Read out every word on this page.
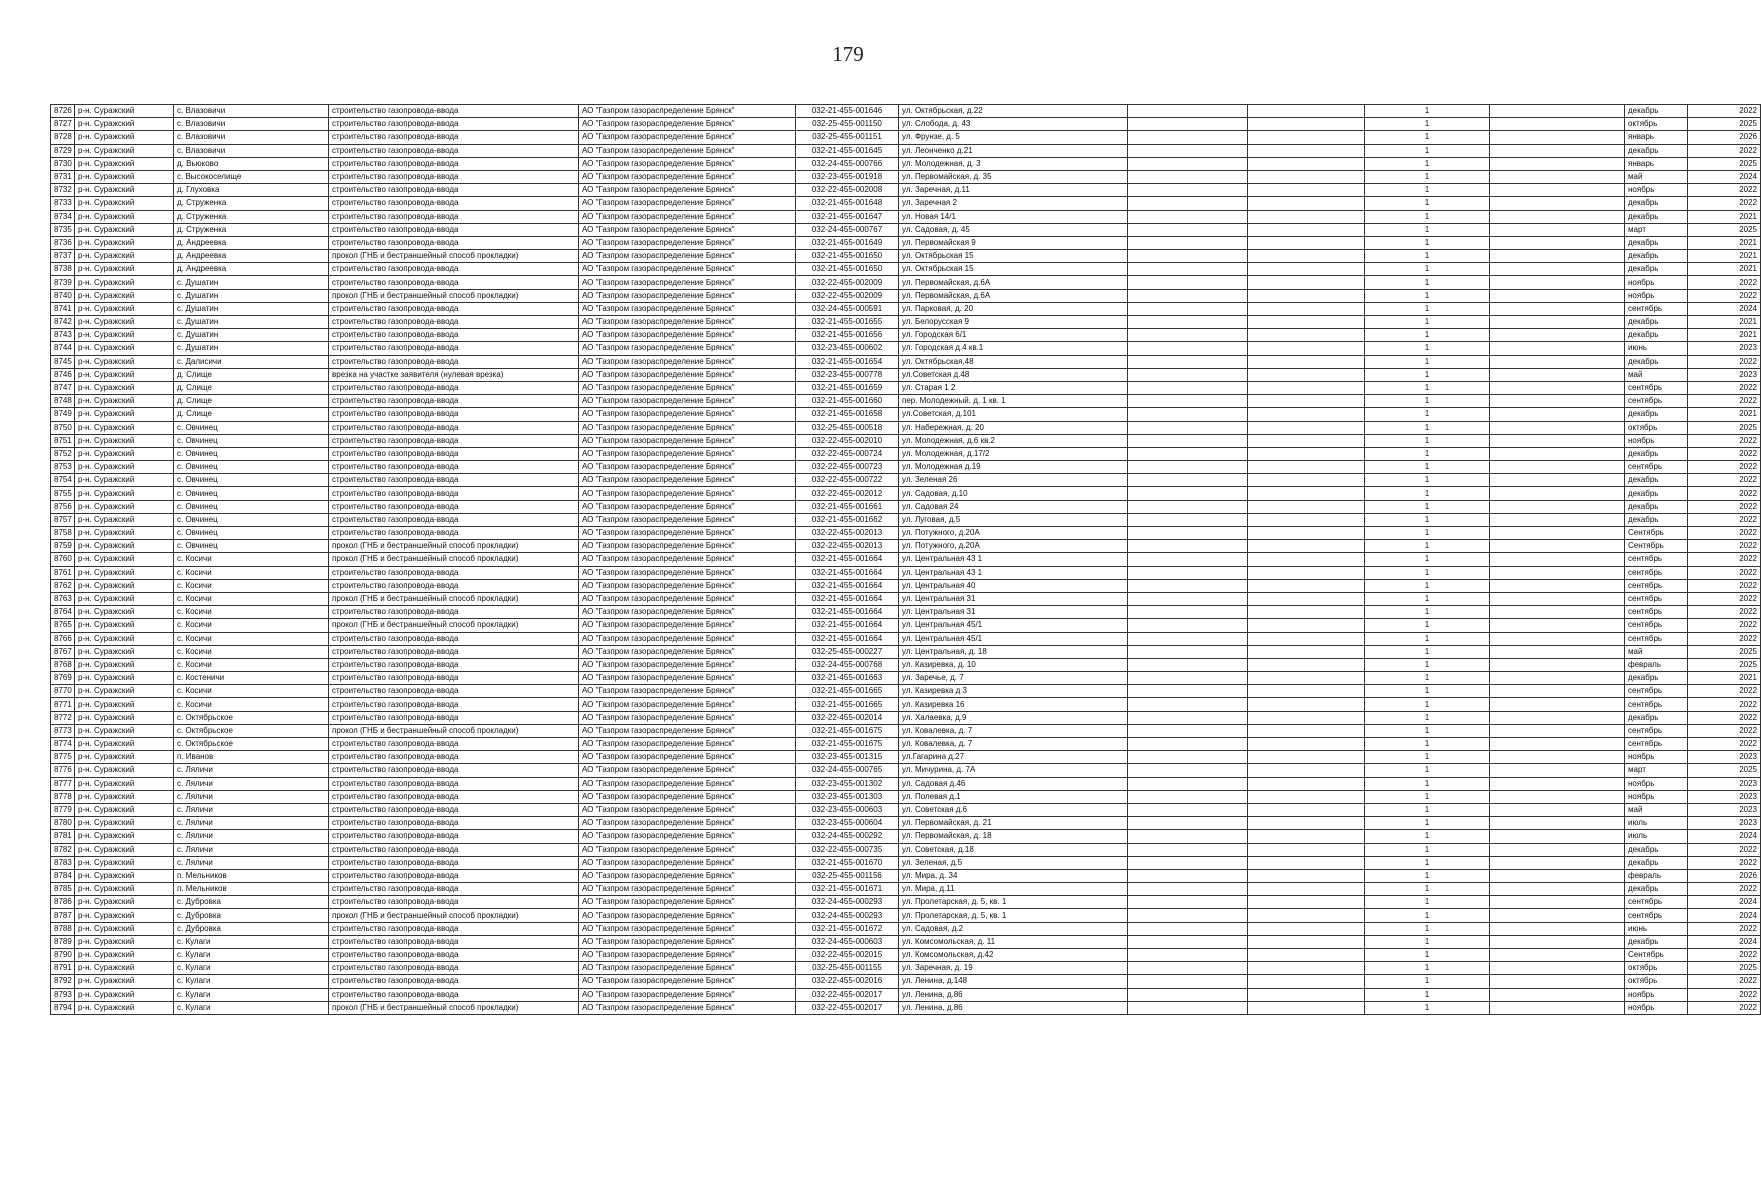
179
8726	р-н. Суражский	с. Влазовичи	строительство газопровода-ввода	АО "Газпром газораспределение Брянск"	032-21-455-001646	ул. Октябрьская, д.22			1		декабрь	2022
8727	р-н. Суражский	с. Влазовичи	строительство газопровода-ввода	АО "Газпром газораспределение Брянск"	032-25-455-001150	ул. Слобода, д. 43			1		октябрь	2025
8728	р-н. Суражский	с. Влазовичи	строительство газопровода-ввода	АО "Газпром газораспределение Брянск"	032-25-455-001151	ул. Фрунзе, д. 5			1		январь	2026
8729	р-н. Суражский	с. Влазовичи	строительство газопровода-ввода	АО "Газпром газораспределение Брянск"	032-21-455-001645	ул. Леонченко д.21			1		декабрь	2022
8730	р-н. Суражский	д. Вьюково	строительство газопровода-ввода	АО "Газпром газораспределение Брянск"	032-24-455-000766	ул. Молодежная, д. 3			1		январь	2025
8731	р-н. Суражский	с. Высокоселище	строительство газопровода-ввода	АО "Газпром газораспределение Брянск"	032-23-455-001918	ул. Первомайская, д. 35			1		май	2024
8732	р-н. Суражский	д. Глуховка	строительство газопровода-ввода	АО "Газпром газораспределение Брянск"	032-22-455-002008	ул. Заречная, д.11			1		ноябрь	2022
8733	р-н. Суражский	д. Струженка	строительство газопровода-ввода	АО "Газпром газораспределение Брянск"	032-21-455-001648	ул. Заречная 2			1		декабрь	2022
8734	р-н. Суражский	д. Струженка	строительство газопровода-ввода	АО "Газпром газораспределение Брянск"	032-21-455-001647	ул. Новая 14/1			1		декабрь	2021
8735	р-н. Суражский	д. Струженка	строительство газопровода-ввода	АО "Газпром газораспределение Брянск"	032-24-455-000767	ул. Садовая, д. 45			1		март	2025
8736	р-н. Суражский	д. Андреевка	строительство газопровода-ввода	АО "Газпром газораспределение Брянск"	032-21-455-001649	ул. Первомайская 9			1		декабрь	2021
8737	р-н. Суражский	д. Андреевка	прокол (ГНБ и бестраншейный способ прокладки)	АО "Газпром газораспределение Брянск"	032-21-455-001650	ул. Октябрьская 15			1		декабрь	2021
8738	р-н. Суражский	д. Андреевка	строительство газопровода-ввода	АО "Газпром газораспределение Брянск"	032-21-455-001650	ул. Октябрьская 15			1		декабрь	2021
8739	р-н. Суражский	с. Душатин	строительство газопровода-ввода	АО "Газпром газораспределение Брянск"	032-22-455-002009	ул. Первомайская, д.6А			1		ноябрь	2022
8740	р-н. Суражский	с. Душатин	прокол (ГНБ и бестраншейный способ прокладки)	АО "Газпром газораспределение Брянск"	032-22-455-002009	ул. Первомайская, д.6А			1		ноябрь	2022
8741	р-н. Суражский	с. Душатин	строительство газопровода-ввода	АО "Газпром газораспределение Брянск"	032-24-455-000591	ул. Парковая, д. 20			1		сентябрь	2024
8742	р-н. Суражский	с. Душатин	строительство газопровода-ввода	АО "Газпром газораспределение Брянск"	032-21-455-001655	ул. Белорусская 9			1		декабрь	2021
8743	р-н. Суражский	с. Душатин	строительство газопровода-ввода	АО "Газпром газораспределение Брянск"	032-21-455-001656	ул. Городская 6/1			1		декабрь	2021
8744	р-н. Суражский	с. Душатин	строительство газопровода-ввода	АО "Газпром газораспределение Брянск"	032-23-455-000602	ул. Городская д.4 кв.1			1		июнь	2023
8745	р-н. Суражский	с. Далисичи	строительство газопровода-ввода	АО "Газпром газораспределение Брянск"	032-21-455-001654	ул. Октябрьская,48			1		декабрь	2022
8746	р-н. Суражский	д. Слище	врезка на участке заявителя (нулевая врезка)	АО "Газпром газораспределение Брянск"	032-23-455-000778	ул.Советская д.48			1		май	2023
8747	р-н. Суражский	д. Слище	строительство газопровода-ввода	АО "Газпром газораспределение Брянск"	032-21-455-001659	ул. Старая 1 2			1		сентябрь	2022
8748	р-н. Суражский	д. Слище	строительство газопровода-ввода	АО "Газпром газораспределение Брянск"	032-21-455-001660	пер. Молодежный, д. 1 кв. 1			1		сентябрь	2022
8749	р-н. Суражский	д. Слище	строительство газопровода-ввода	АО "Газпром газораспределение Брянск"	032-21-455-001658	ул.Советская, д.101			1		декабрь	2021
8750	р-н. Суражский	с. Овчинец	строительство газопровода-ввода	АО "Газпром газораспределение Брянск"	032-25-455-000518	ул. Набережная, д. 20			1		октябрь	2025
8751	р-н. Суражский	с. Овчинец	строительство газопровода-ввода	АО "Газпром газораспределение Брянск"	032-22-455-002010	ул. Молодежная, д.6 кв.2			1		ноябрь	2022
8752	р-н. Суражский	с. Овчинец	строительство газопровода-ввода	АО "Газпром газораспределение Брянск"	032-22-455-000724	ул. Молодежная, д.17/2			1		декабрь	2022
8753	р-н. Суражский	с. Овчинец	строительство газопровода-ввода	АО "Газпром газораспределение Брянск"	032-22-455-000723	ул. Молодежная д.19			1		сентябрь	2022
8754	р-н. Суражский	с. Овчинец	строительство газопровода-ввода	АО "Газпром газораспределение Брянск"	032-22-455-000722	ул. Зеленая 26			1		декабрь	2022
8755	р-н. Суражский	с. Овчинец	строительство газопровода-ввода	АО "Газпром газораспределение Брянск"	032-22-455-002012	ул. Садовая, д.10			1		декабрь	2022
8756	р-н. Суражский	с. Овчинец	строительство газопровода-ввода	АО "Газпром газораспределение Брянск"	032-21-455-001661	ул. Садовая 24			1		декабрь	2022
8757	р-н. Суражский	с. Овчинец	строительство газопровода-ввода	АО "Газпром газораспределение Брянск"	032-21-455-001662	ул. Луговая, д.5			1		декабрь	2022
8758	р-н. Суражский	с. Овчинец	строительство газопровода-ввода	АО "Газпром газораспределение Брянск"	032-22-455-002013	ул. Потужного, д.20А			1		Сентябрь	2022
8759	р-н. Суражский	с. Овчинец	прокол (ГНБ и бестраншейный способ прокладки)	АО "Газпром газораспределение Брянск"	032-22-455-002013	ул. Потужного, д.20А			1		Сентябрь	2022
8760	р-н. Суражский	с. Косичи	прокол (ГНБ и бестраншейный способ прокладки)	АО "Газпром газораспределение Брянск"	032-21-455-001664	ул. Центральная 43 1			1		сентябрь	2022
8761	р-н. Суражский	с. Косичи	строительство газопровода-ввода	АО "Газпром газораспределение Брянск"	032-21-455-001664	ул. Центральная 43 1			1		сентябрь	2022
8762	р-н. Суражский	с. Косичи	строительство газопровода-ввода	АО "Газпром газораспределение Брянск"	032-21-455-001664	ул. Центральная 40			1		сентябрь	2022
8763	р-н. Суражский	с. Косичи	прокол (ГНБ и бестраншейный способ прокладки)	АО "Газпром газораспределение Брянск"	032-21-455-001664	ул. Центральная 31			1		сентябрь	2022
8764	р-н. Суражский	с. Косичи	строительство газопровода-ввода	АО "Газпром газораспределение Брянск"	032-21-455-001664	ул. Центральная 31			1		сентябрь	2022
8765	р-н. Суражский	с. Косичи	прокол (ГНБ и бестраншейный способ прокладки)	АО "Газпром газораспределение Брянск"	032-21-455-001664	ул. Центральная 45/1			1		сентябрь	2022
8766	р-н. Суражский	с. Косичи	строительство газопровода-ввода	АО "Газпром газораспределение Брянск"	032-21-455-001664	ул. Центральная 45/1			1		сентябрь	2022
8767	р-н. Суражский	с. Косичи	строительство газопровода-ввода	АО "Газпром газораспределение Брянск"	032-25-455-000227	ул. Центральная, д. 18			1		май	2025
8768	р-н. Суражский	с. Косичи	строительство газопровода-ввода	АО "Газпром газораспределение Брянск"	032-24-455-000768	ул. Казиревка, д. 10			1		февраль	2025
8769	р-н. Суражский	с. Костеничи	строительство газопровода-ввода	АО "Газпром газораспределение Брянск"	032-21-455-001663	ул. Заречье, д. 7			1		декабрь	2021
8770	р-н. Суражский	с. Косичи	строительство газопровода-ввода	АО "Газпром газораспределение Брянск"	032-21-455-001665	ул. Казиревка д 3			1		сентябрь	2022
8771	р-н. Суражский	с. Косичи	строительство газопровода-ввода	АО "Газпром газораспределение Брянск"	032-21-455-001665	ул. Казиревка 16			1		сентябрь	2022
8772	р-н. Суражский	с. Октябрьское	строительство газопровода-ввода	АО "Газпром газораспределение Брянск"	032-22-455-002014	ул. Халаевка, д.9			1		декабрь	2022
8773	р-н. Суражский	с. Октябрьское	прокол (ГНБ и бестраншейный способ прокладки)	АО "Газпром газораспределение Брянск"	032-21-455-001675	ул. Ковалевка, д. 7			1		сентябрь	2022
8774	р-н. Суражский	с. Октябрьское	строительство газопровода-ввода	АО "Газпром газораспределение Брянск"	032-21-455-001675	ул. Ковалевка, д. 7			1		сентябрь	2022
8775	р-н. Суражский	п. Иванов	строительство газопровода-ввода	АО "Газпром газораспределение Брянск"	032-23-455-001315	ул.Гагарина д.27			1		ноябрь	2023
8776	р-н. Суражский	с. Ляличи	строительство газопровода-ввода	АО "Газпром газораспределение Брянск"	032-24-455-000765	ул. Мичурина, д. 7А			1		март	2025
8777	р-н. Суражский	с. Ляличи	строительство газопровода-ввода	АО "Газпром газораспределение Брянск"	032-23-455-001302	ул. Садовая д.46			1		ноябрь	2023
8778	р-н. Суражский	с. Ляличи	строительство газопровода-ввода	АО "Газпром газораспределение Брянск"	032-23-455-001303	ул. Полевая д.1			1		ноябрь	2023
8779	р-н. Суражский	с. Ляличи	строительство газопровода-ввода	АО "Газпром газораспределение Брянск"	032-23-455-000603	ул. Советская д.6			1		май	2023
8780	р-н. Суражский	с. Ляличи	строительство газопровода-ввода	АО "Газпром газораспределение Брянск"	032-23-455-000604	ул. Первомайская, д. 21			1		июль	2023
8781	р-н. Суражский	с. Ляличи	строительство газопровода-ввода	АО "Газпром газораспределение Брянск"	032-24-455-000292	ул. Первомайская, д. 18			1		июль	2024
8782	р-н. Суражский	с. Ляличи	строительство газопровода-ввода	АО "Газпром газораспределение Брянск"	032-22-455-000735	ул. Советская, д.18			1		декабрь	2022
8783	р-н. Суражский	с. Ляличи	строительство газопровода-ввода	АО "Газпром газораспределение Брянск"	032-21-455-001670	ул. Зеленая, д.5			1		декабрь	2022
8784	р-н. Суражский	п. Мельников	строительство газопровода-ввода	АО "Газпром газораспределение Брянск"	032-25-455-001156	ул. Мира, д. 34			1		февраль	2026
8785	р-н. Суражский	п. Мельников	строительство газопровода-ввода	АО "Газпром газораспределение Брянск"	032-21-455-001671	ул. Мира, д.11			1		декабрь	2022
8786	р-н. Суражский	с. Дубровка	строительство газопровода-ввода	АО "Газпром газораспределение Брянск"	032-24-455-000293	ул. Пролетарская, д. 5, кв. 1			1		сентябрь	2024
8787	р-н. Суражский	с. Дубровка	прокол (ГНБ и бестраншейный способ прокладки)	АО "Газпром газораспределение Брянск"	032-24-455-000293	ул. Пролетарская, д. 5, кв. 1			1		сентябрь	2024
8788	р-н. Суражский	с. Дубровка	строительство газопровода-ввода	АО "Газпром газораспределение Брянск"	032-21-455-001672	ул. Садовая, д.2			1		июнь	2022
8789	р-н. Суражский	с. Кулаги	строительство газопровода-ввода	АО "Газпром газораспределение Брянск"	032-24-455-000603	ул. Комсомольская, д. 11			1		декабрь	2024
8790	р-н. Суражский	с. Кулаги	строительство газопровода-ввода	АО "Газпром газораспределение Брянск"	032-22-455-002015	ул. Комсомольская, д.42			1		Сентябрь	2022
8791	р-н. Суражский	с. Кулаги	строительство газопровода-ввода	АО "Газпром газораспределение Брянск"	032-25-455-001155	ул. Заречная, д. 19			1		октябрь	2025
8792	р-н. Суражский	с. Кулаги	строительство газопровода-ввода	АО "Газпром газораспределение Брянск"	032-22-455-002016	ул. Ленина, д.148			1		октябрь	2022
8793	р-н. Суражский	с. Кулаги	строительство газопровода-ввода	АО "Газпром газораспределение Брянск"	032-22-455-002017	ул. Ленина, д.86			1		ноябрь	2022
8794	р-н. Суражский	с. Кулаги	прокол (ГНБ и бестраншейный способ прокладки)	АО "Газпром газораспределение Брянск"	032-22-455-002017	ул. Ленина, д.86			1		ноябрь	2022
